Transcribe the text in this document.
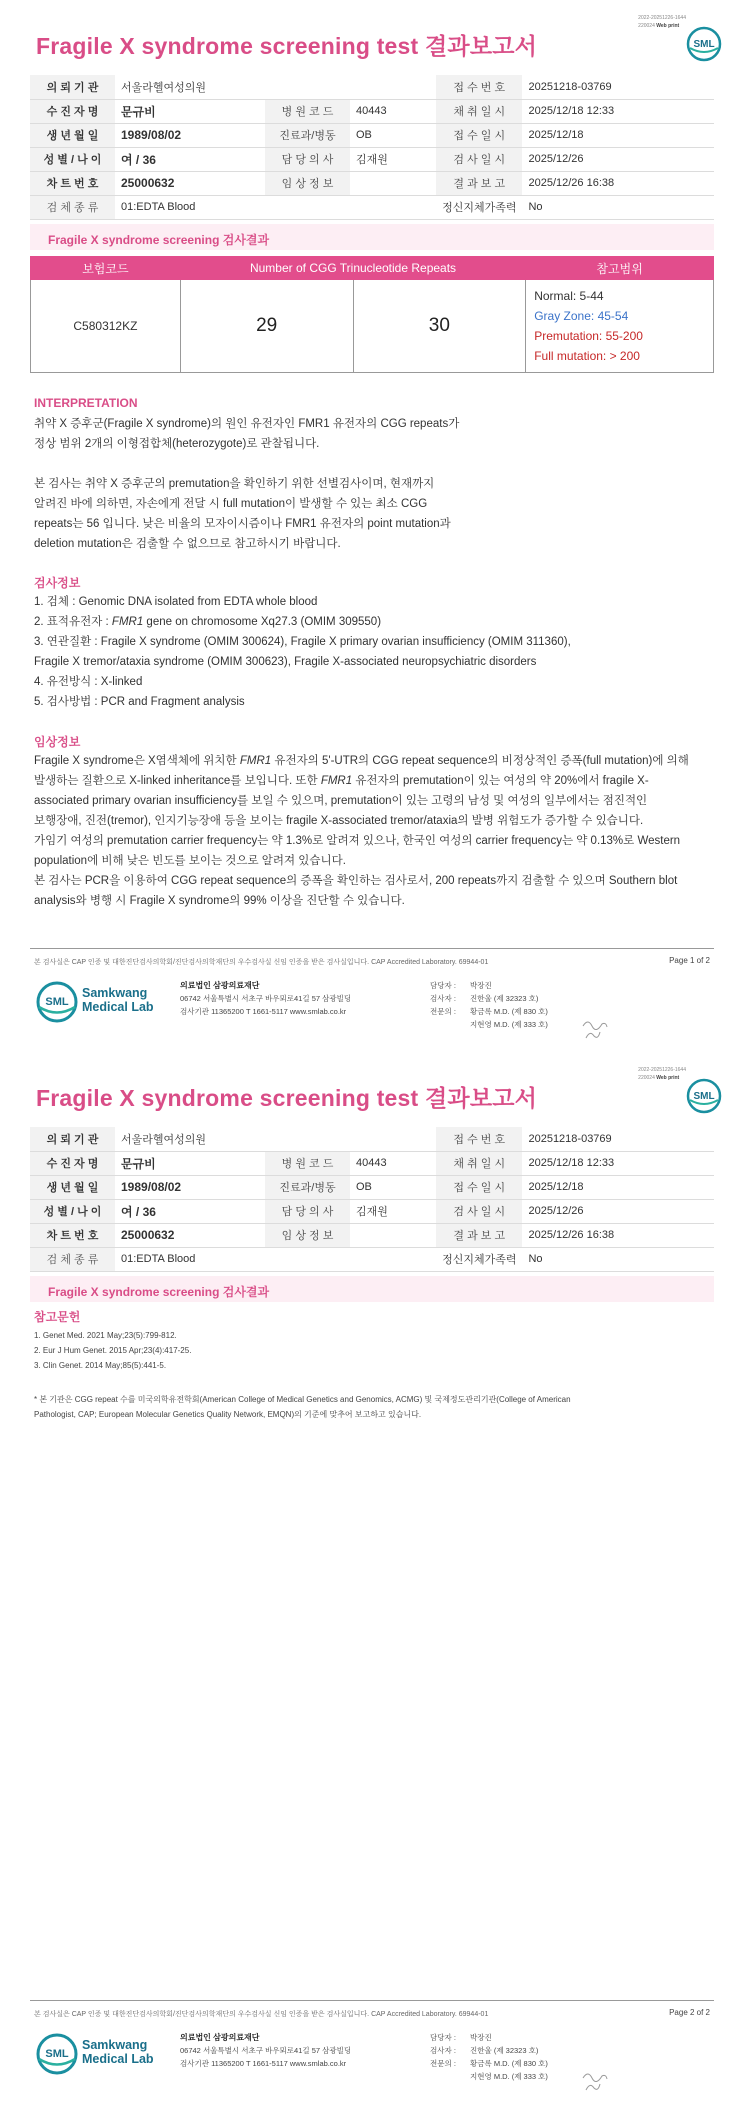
2022-20251226-1644
220024 Web print
Fragile X syndrome screening test 결과보고서	SML
의 뢰 기 관	서울라헬여성의원			접 수 번 호	20251218-03769
수 진 자 명	문규비	병 원 코 드	40443	채 취 일 시	2025/12/18 12:33
생 년 월 일	1989/08/02	진료과/병동	OB	접 수 일 시	2025/12/18
성 별 / 나 이	여 / 36	담 당 의 사	김재원	검 사 일 시	2025/12/26
차 트 번 호	25000632	임 상 정 보		결 과 보 고	2025/12/26 16:38
검 체 종 류	01:EDTA Blood			정신지체가족력	No
Fragile X syndrome screening 검사결과
보험코드	Number of CGG Trinucleotide Repeats		참고범위
C580312KZ	29	30	Normal: 5-44
Gray Zone: 45-54
Premutation: 55-200
Full mutation: > 200
INTERPRETATION
취약 X 증후군(Fragile X syndrome)의 원인 유전자인 FMR1 유전자의 CGG repeats가
정상 범위 2개의 이형접합체(heterozygote)로 관찰됩니다.
본 검사는 취약 X 증후군의 premutation을 확인하기 위한 선별검사이며, 현재까지
알려진 바에 의하면, 자손에게 전달 시 full mutation이 발생할 수 있는 최소 CGG
repeats는 56 입니다. 낮은 비율의 모자이시즘이나 FMR1 유전자의 point mutation과
deletion mutation은 검출할 수 없으므로 참고하시기 바랍니다.
검사정보
1. 검체 : Genomic DNA isolated from EDTA whole blood
2. 표적유전자 : FMR1 gene on chromosome Xq27.3 (OMIM 309550)
3. 연관질환 : Fragile X syndrome (OMIM 300624), Fragile X primary ovarian insufficiency (OMIM 311360),
Fragile X tremor/ataxia syndrome (OMIM 300623), Fragile X-associated neuropsychiatric disorders
4. 유전방식 : X-linked
5. 검사방법 : PCR and Fragment analysis
임상정보
Fragile X syndrome은 X염색체에 위치한 FMR1 유전자의 5'-UTR의 CGG repeat sequence의 비정상적인 증폭(full mutation)에 의해
발생하는 질환으로 X-linked inheritance를 보입니다. 또한 FMR1 유전자의 premutation이 있는 여성의 약 20%에서 fragile X-
associated primary ovarian insufficiency를 보일 수 있으며, premutation이 있는 고령의 남성 및 여성의 일부에서는 점진적인
보행장애, 진전(tremor), 인지기능장애 등을 보이는 fragile X-associated tremor/ataxia의 발병 위험도가 증가할 수 있습니다.
가임기 여성의 premutation carrier frequency는 약 1.3%로 알려져 있으나, 한국인 여성의 carrier frequency는 약 0.13%로 Western
population에 비해 낮은 빈도를 보이는 것으로 알려져 있습니다.
본 검사는 PCR을 이용하여 CGG repeat sequence의 증폭을 확인하는 검사로서, 200 repeats까지 검출할 수 있으며 Southern blot
analysis와 병행 시 Fragile X syndrome의 99% 이상을 진단할 수 있습니다.
본 검사실은 CAP 인증 및 대한진단검사의학회/진단검사의학재단의 우수검사실 신임 인증을 받은 검사실입니다. CAP Accredited Laboratory. 69944-01	Page 1 of 2
SML
Samkwang
Medical Lab
의료법인 삼광의료재단
06742 서울특별시 서초구 바우뫼로41길 57 삼광빌딩
검사기관 11365200 T 1661-5117 www.smlab.co.kr
담당자 :	박장진
검사자 :	진한울 (제 32323 호)
전문의 :	황금록 M.D. (제 830 호)
지현영 M.D. (제 333 호)
2022-20251226-1644
220024 Web print
Fragile X syndrome screening test 결과보고서	SML
의 뢰 기 관	서울라헬여성의원			접 수 번 호	20251218-03769
수 진 자 명	문규비	병 원 코 드	40443	채 취 일 시	2025/12/18 12:33
생 년 월 일	1989/08/02	진료과/병동	OB	접 수 일 시	2025/12/18
성 별 / 나 이	여 / 36	담 당 의 사	김재원	검 사 일 시	2025/12/26
차 트 번 호	25000632	임 상 정 보		결 과 보 고	2025/12/26 16:38
검 체 종 류	01:EDTA Blood			정신지체가족력	No
Fragile X syndrome screening 검사결과
참고문헌
1. Genet Med. 2021 May;23(5):799-812.
2. Eur J Hum Genet. 2015 Apr;23(4):417-25.
3. Clin Genet. 2014 May;85(5):441-5.
* 본 기관은 CGG repeat 수를 미국의학유전학회(American College of Medical Genetics and Genomics, ACMG) 및 국제정도관리기관(College of American
Pathologist, CAP; European Molecular Genetics Quality Network, EMQN)의 기준에 맞추어 보고하고 있습니다.
본 검사실은 CAP 인증 및 대한진단검사의학회/진단검사의학재단의 우수검사실 신임 인증을 받은 검사실입니다. CAP Accredited Laboratory. 69944-01	Page 2 of 2
SML
Samkwang
Medical Lab
의료법인 삼광의료재단
06742 서울특별시 서초구 바우뫼로41길 57 삼광빌딩
검사기관 11365200 T 1661-5117 www.smlab.co.kr
담당자 :	박장진
검사자 :	진한울 (제 32323 호)
전문의 :	황금록 M.D. (제 830 호)
지현영 M.D. (제 333 호)
